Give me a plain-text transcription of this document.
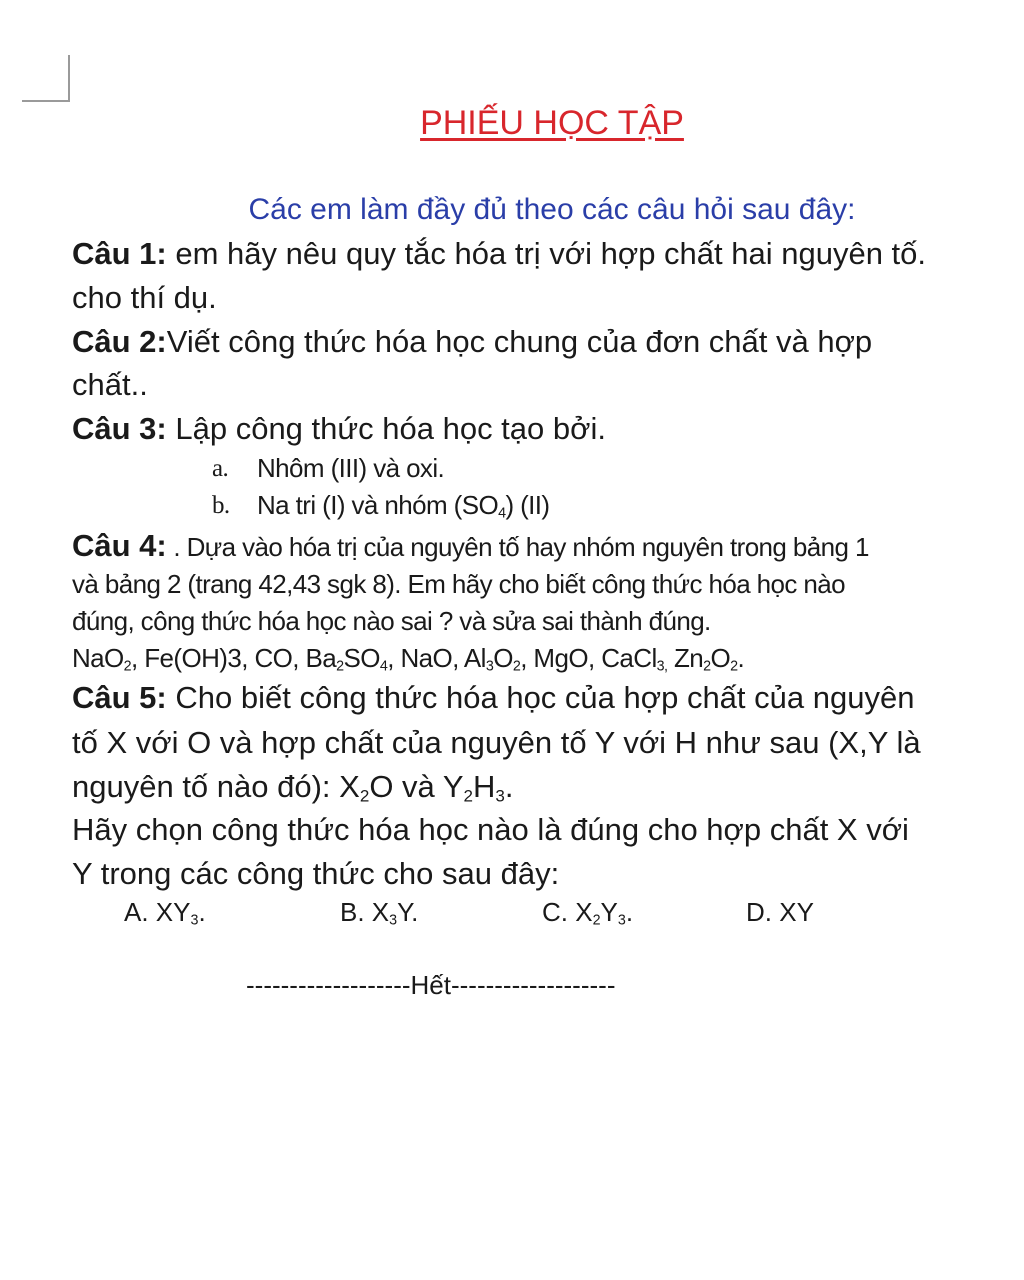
PHIẾU HỌC TẬP
Các em làm đầy đủ theo các câu hỏi sau đây:
Câu 1: em hãy nêu quy tắc hóa trị với hợp chất hai nguyên tố.
cho thí dụ.
Câu 2:Viết công thức hóa học chung của đơn chất và hợp
chất..
Câu 3: Lập công thức hóa học tạo bởi.
a. Nhôm (III) và oxi.
b. Na tri (I) và nhóm $(SO_4)$ (II)
Câu 4: . Dựa vào hóa trị của nguyên tố hay nhóm nguyên trong bảng 1
và bảng 2 (trang 42,43 sgk 8). Em hãy cho biết công thức hóa học nào
đúng, công thức hóa học nào sai ? và sửa sai thành đúng.
NaO$_2$, Fe(OH)3, CO, $Ba_2SO_4$, NaO, $Al_3O_2$, MgO, CaCl$_{3,}$ $Zn_2O_2$.
Câu 5: Cho biết công thức hóa học của hợp chất của nguyên
tố X với O và hợp chất của nguyên tố Y với H như sau (X,Y là
nguyên tố nào đó): $X_2O$ và $Y_2H_3$.
Hãy chọn công thức hóa học nào là đúng cho hợp chất X với
Y trong các công thức cho sau đây:
A. $XY_3$.	B. $X_3Y$.	C. $X_2Y_3$.	D. XY
-------------------Hết-------------------
